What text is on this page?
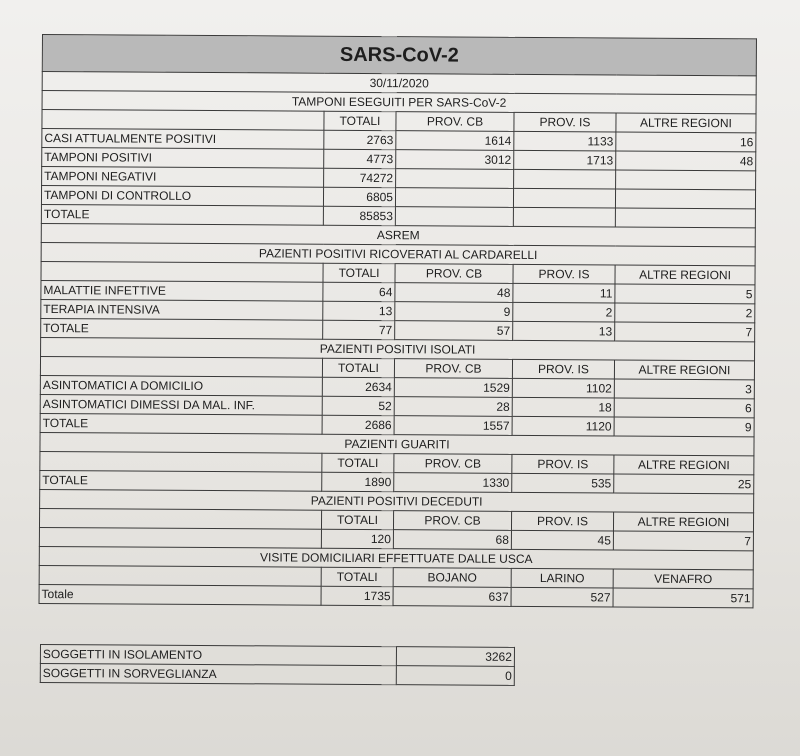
SARS-CoV-2				
30/11/2020				
TAMPONI ESEGUITI PER SARS-CoV-2				
	TOTALI	PROV. CB	PROV. IS	ALTRE REGIONI
CASI ATTUALMENTE POSITIVI	2763	1614	1133	16
TAMPONI POSITIVI	4773	3012	1713	48
TAMPONI NEGATIVI	74272			
TAMPONI DI CONTROLLO	6805			
TOTALE	85853			
ASREM				
PAZIENTI POSITIVI RICOVERATI AL CARDARELLI				
	TOTALI	PROV. CB	PROV. IS	ALTRE REGIONI
MALATTIE INFETTIVE	64	48	11	5
TERAPIA INTENSIVA	13	9	2	2
TOTALE	77	57	13	7
PAZIENTI POSITIVI ISOLATI				
	TOTALI	PROV. CB	PROV. IS	ALTRE REGIONI
ASINTOMATICI A DOMICILIO	2634	1529	1102	3
ASINTOMATICI DIMESSI DA MAL. INF.	52	28	18	6
TOTALE	2686	1557	1120	9
PAZIENTI GUARITI				
	TOTALI	PROV. CB	PROV. IS	ALTRE REGIONI
TOTALE	1890	1330	535	25
PAZIENTI POSITIVI DECEDUTI				
	TOTALI	PROV. CB	PROV. IS	ALTRE REGIONI
	120	68	45	7
VISITE DOMICILIARI EFFETTUATE DALLE USCA				
	TOTALI	BOJANO	LARINO	VENAFRO
Totale	1735	637	527	571
SOGGETTI IN ISOLAMENTO	3262
SOGGETTI IN SORVEGLIANZA	0
